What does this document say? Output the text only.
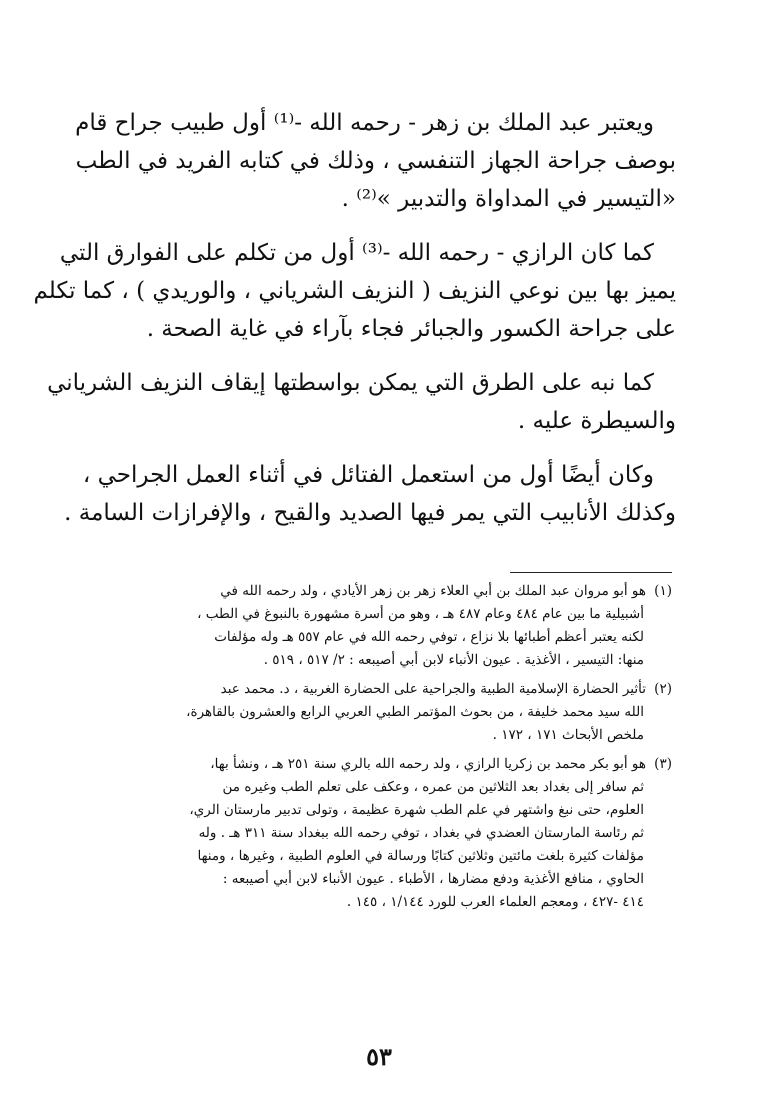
ويعتبر عبد الملك بن زهر - رحمه الله -⁽¹⁾ أول طبيب جراح قام
بوصف جراحة الجهاز التنفسي ، وذلك في كتابه الفريد في الطب
«التيسير في المداواة والتدبير »⁽²⁾ .

كما كان الرازي - رحمه الله -⁽³⁾ أول من تكلم على الفوارق التي
يميز بها بين نوعي النزيف ( النزيف الشرياني ، والوريدي ) ، كما تكلم
على جراحة الكسور والجبائر فجاء بآراء في غاية الصحة .

كما نبه على الطرق التي يمكن بواسطتها إيقاف النزيف الشرياني
والسيطرة عليه .

وكان أيضًا أول من استعمل الفتائل في أثناء العمل الجراحي ،
وكذلك الأنابيب التي يمر فيها الصديد والقيح ، والإفرازات السامة .

(١)هو أبو مروان عبد الملك بن أبي العلاء زهر بن زهر الأيادي ، ولد رحمه الله في
أشبيلية ما بين عام ٤٨٤ وعام ٤٨٧ هـ ، وهو من أسرة مشهورة بالنبوغ في الطب ،
لكنه يعتبر أعظم أطبائها بلا نزاع ، توفي رحمه الله في عام ٥٥٧ هـ وله مؤلفات
منها: التيسير ، الأغذية . عيون الأنباء لابن أبي أصيبعه : ٢/ ٥١٧ ، ٥١٩ .
(٢)تأثير الحضارة الإسلامية الطبية والجراحية على الحضارة الغربية ، د. محمد عبد
الله سيد محمد خليفة ، من بحوث المؤتمر الطبي العربي الرابع والعشرون بالقاهرة،
ملخص الأبحاث ١٧١ ، ١٧٢ .
(٣)هو أبو بكر محمد بن زكريا الرازي ، ولد رحمه الله بالري سنة ٢٥١ هـ ، ونشأ بها،
ثم سافر إلى بغداد بعد الثلاثين من عمره ، وعكف على تعلم الطب وغيره من
العلوم، حتى نبغ واشتهر في علم الطب شهرة عظيمة ، وتولى تدبير مارستان الري،
ثم رئاسة المارستان العضدي في بغداد ، توفي رحمه الله ببغداد سنة ٣١١ هـ . وله
مؤلفات كثيرة بلغت مائتين وثلاثين كتابًا ورسالة في العلوم الطبية ، وغيرها ، ومنها
الحاوي ، منافع الأغذية ودفع مضارها ، الأطباء . عيون الأنباء لابن أبي أصيبعه :
٤١٤ -٤٢٧ ، ومعجم العلماء العرب للورد ١/١٤٤ ، ١٤٥ .
٥٣
